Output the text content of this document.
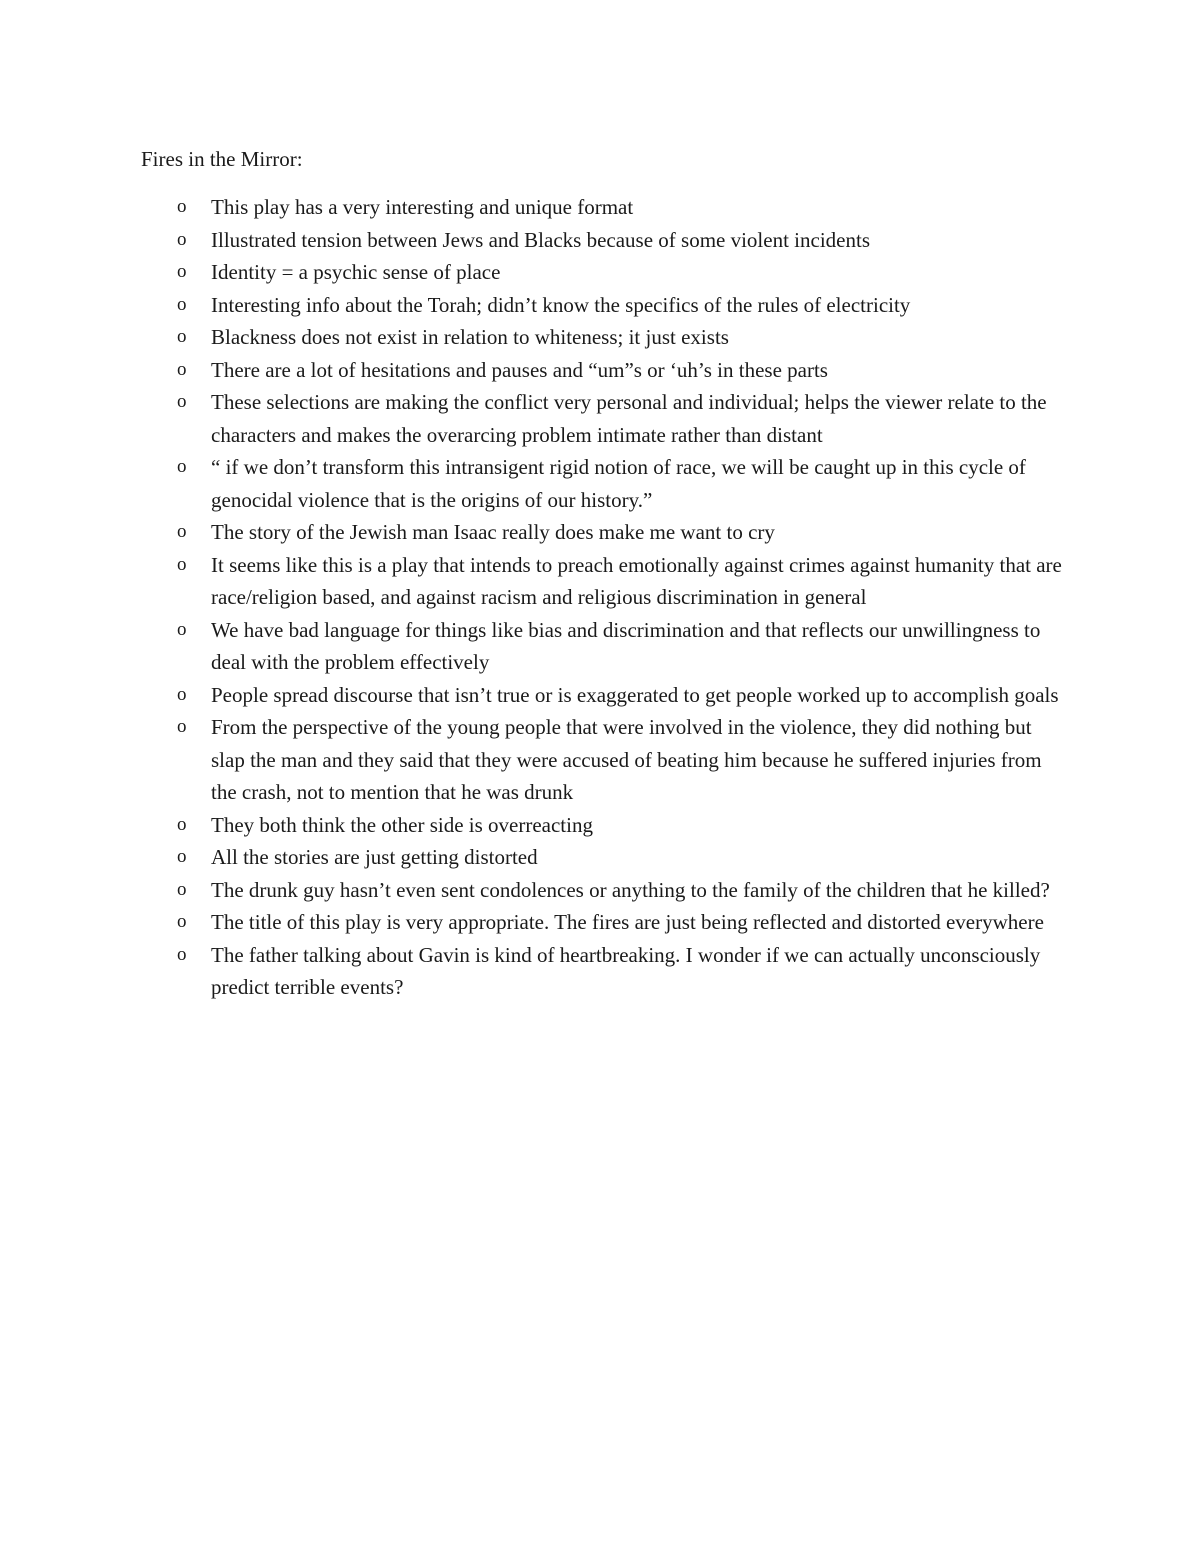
Fires in the Mirror:
o This play has a very interesting and unique format
o Illustrated tension between Jews and Blacks because of some violent incidents
o Identity = a psychic sense of place
o Interesting info about the Torah; didn’t know the specifics of the rules of electricity
o Blackness does not exist in relation to whiteness; it just exists
o There are a lot of hesitations and pauses and “um”s or ‘uh’s in these parts
o These selections are making the conflict very personal and individual; helps the viewer relate to the characters and makes the overarcing problem intimate rather than distant
o “ if we don’t transform this intransigent rigid notion of race, we will be caught up in this cycle of genocidal violence that is the origins of our history.”
o The story of the Jewish man Isaac really does make me want to cry
o It seems like this is a play that intends to preach emotionally against crimes against humanity that are race/religion based, and against racism and religious discrimination in general
o We have bad language for things like bias and discrimination and that reflects our unwillingness to deal with the problem effectively
o People spread discourse that isn’t true or is exaggerated to get people worked up to accomplish goals
o From the perspective of the young people that were involved in the violence, they did nothing but slap the man and they said that they were accused of beating him because he suffered injuries from the crash, not to mention that he was drunk
o They both think the other side is overreacting
o All the stories are just getting distorted
o The drunk guy hasn’t even sent condolences or anything to the family of the children that he killed?
o The title of this play is very appropriate. The fires are just being reflected and distorted everywhere
o The father talking about Gavin is kind of heartbreaking. I wonder if we can actually unconsciously predict terrible events?
